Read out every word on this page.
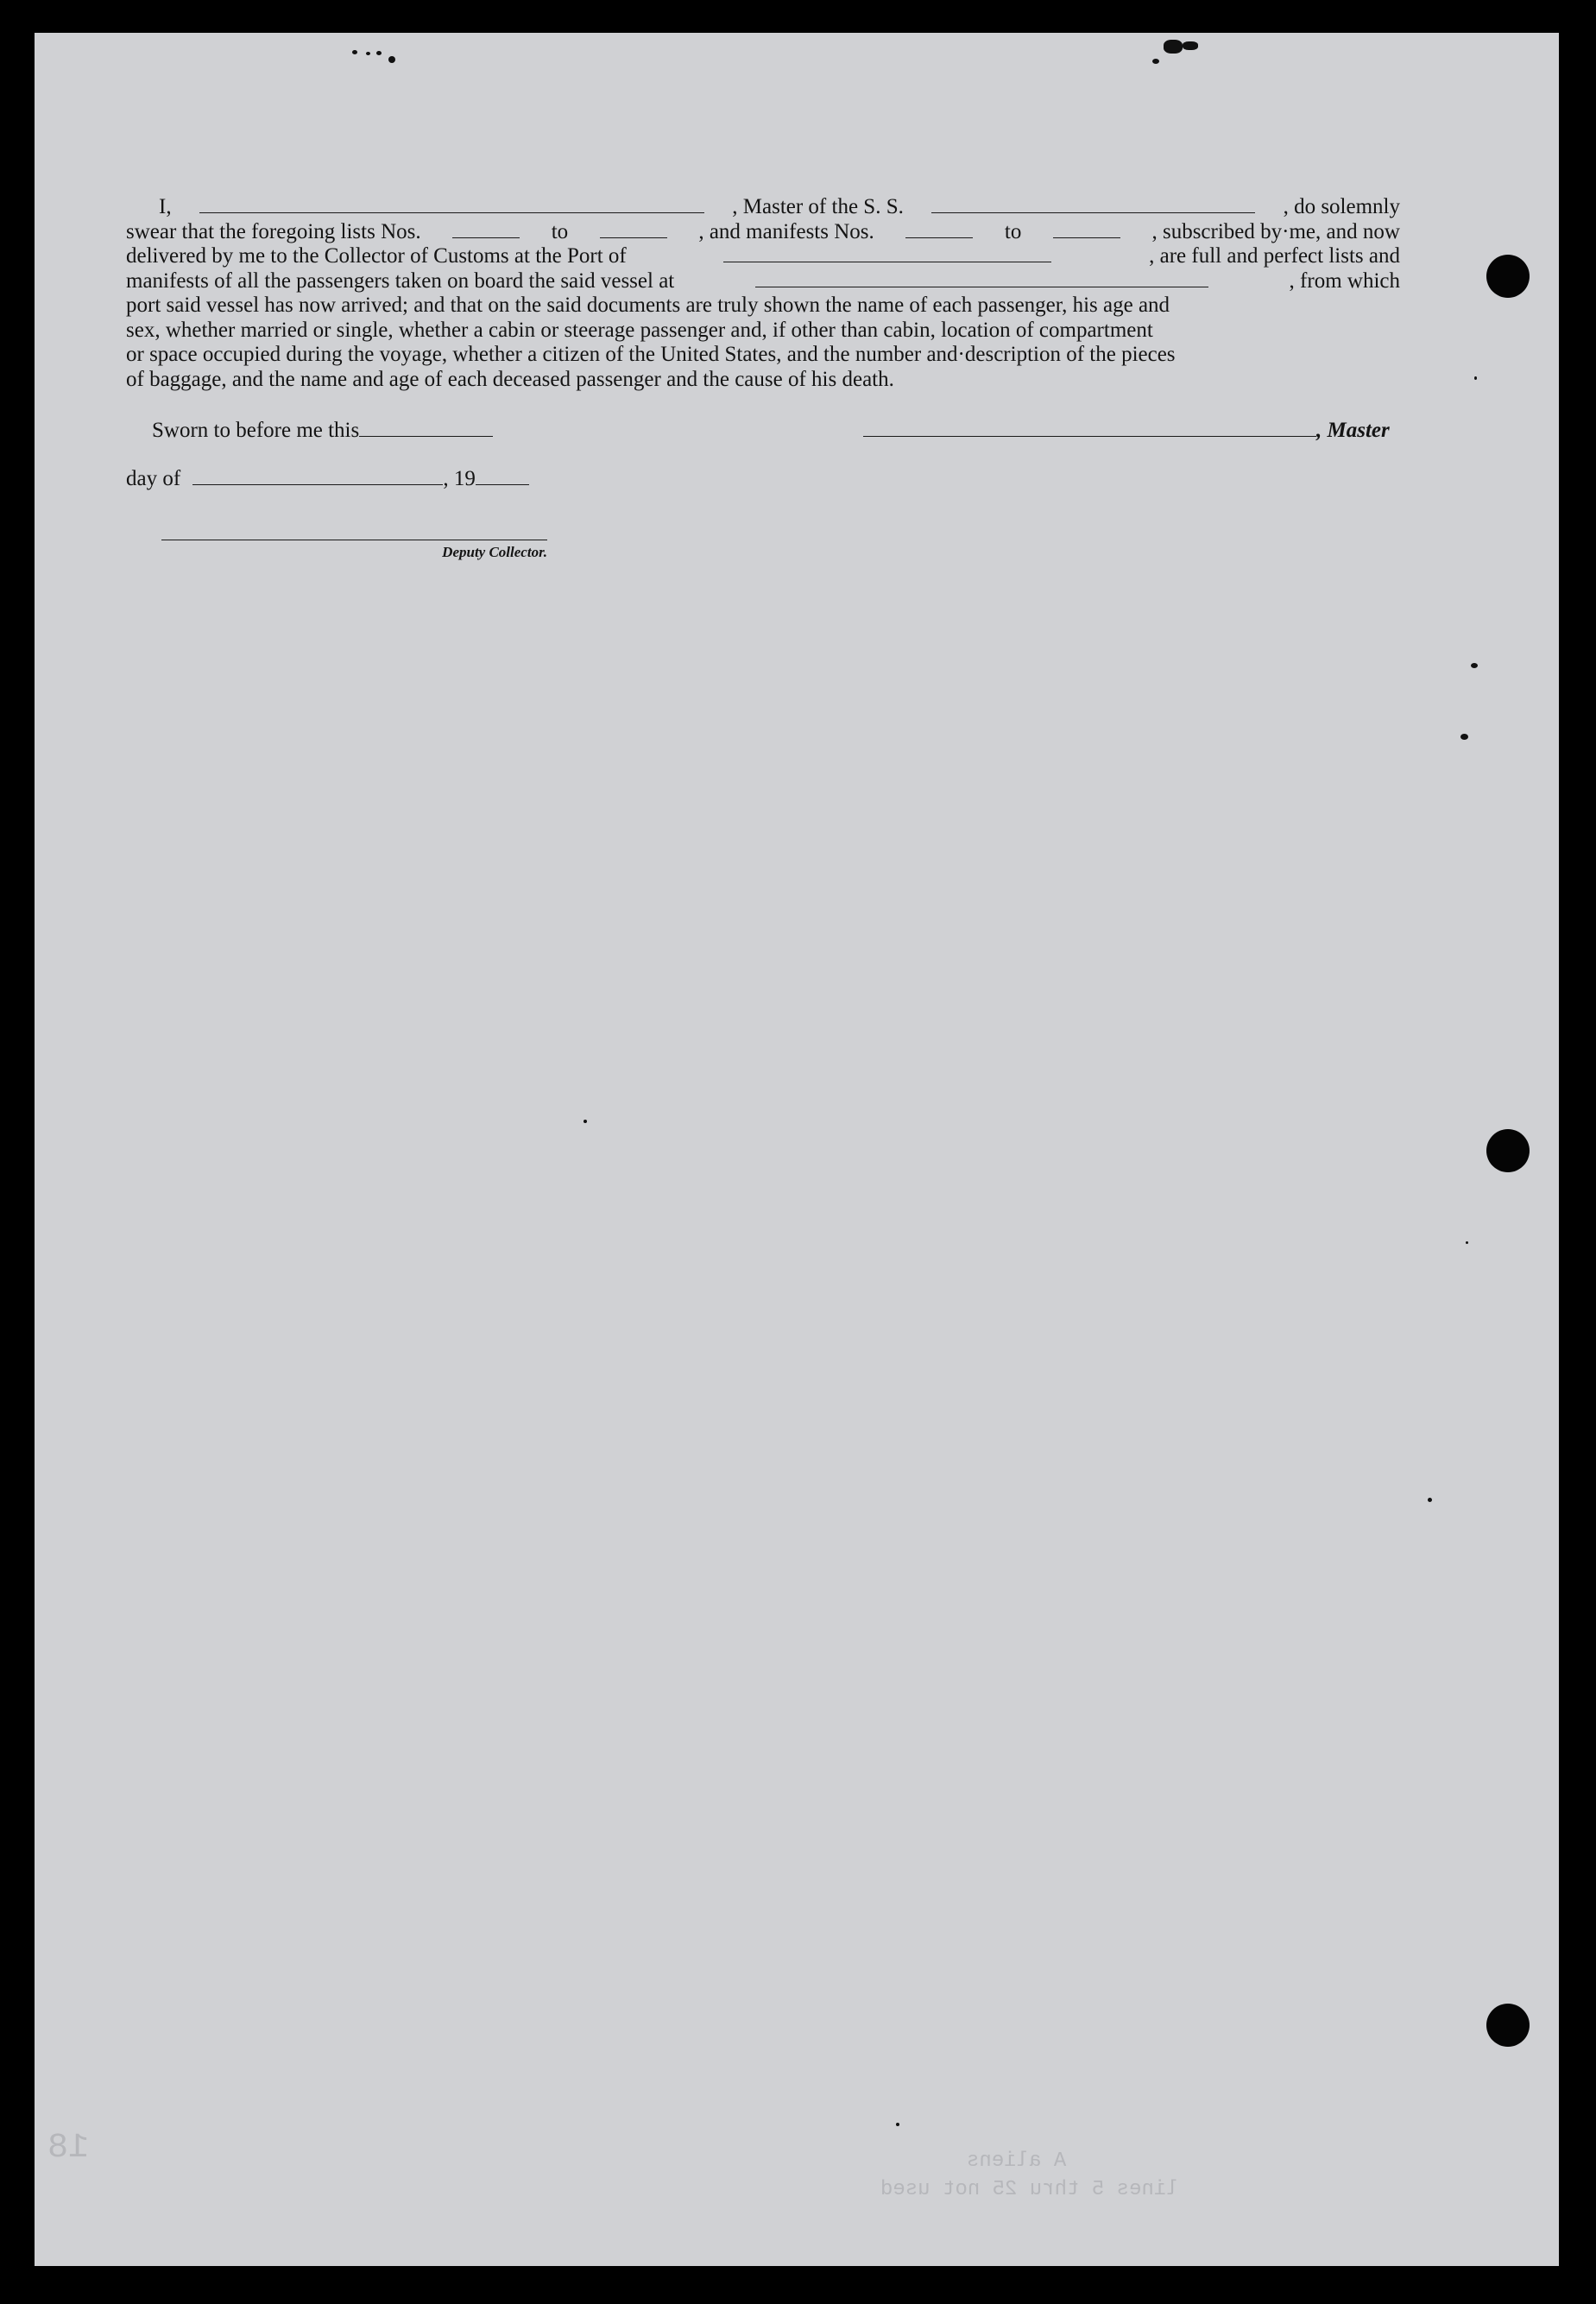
I,	, Master of the S. S.	, do solemnly
swear that the foregoing lists Nos.	to	, and manifests Nos.	to	, subscribed by·me, and now
delivered by me to the Collector of Customs at the Port of	, are full and perfect lists and
manifests of all the passengers taken on board the said vessel at	, from which
port said vessel has now arrived; and that on the said documents are truly shown the name of each passenger, his age and
sex, whether married or single, whether a cabin or steerage passenger and, if other than cabin, location of compartment
or space occupied during the voyage, whether a citizen of the United States, and the number and·description of the pieces
of baggage, and the name and age of each deceased passenger and the cause of his death.
Sworn to before me this	, Master
day of	, 19
Deputy Collector.
A aliens
lines 5 thru 25 not used
18
